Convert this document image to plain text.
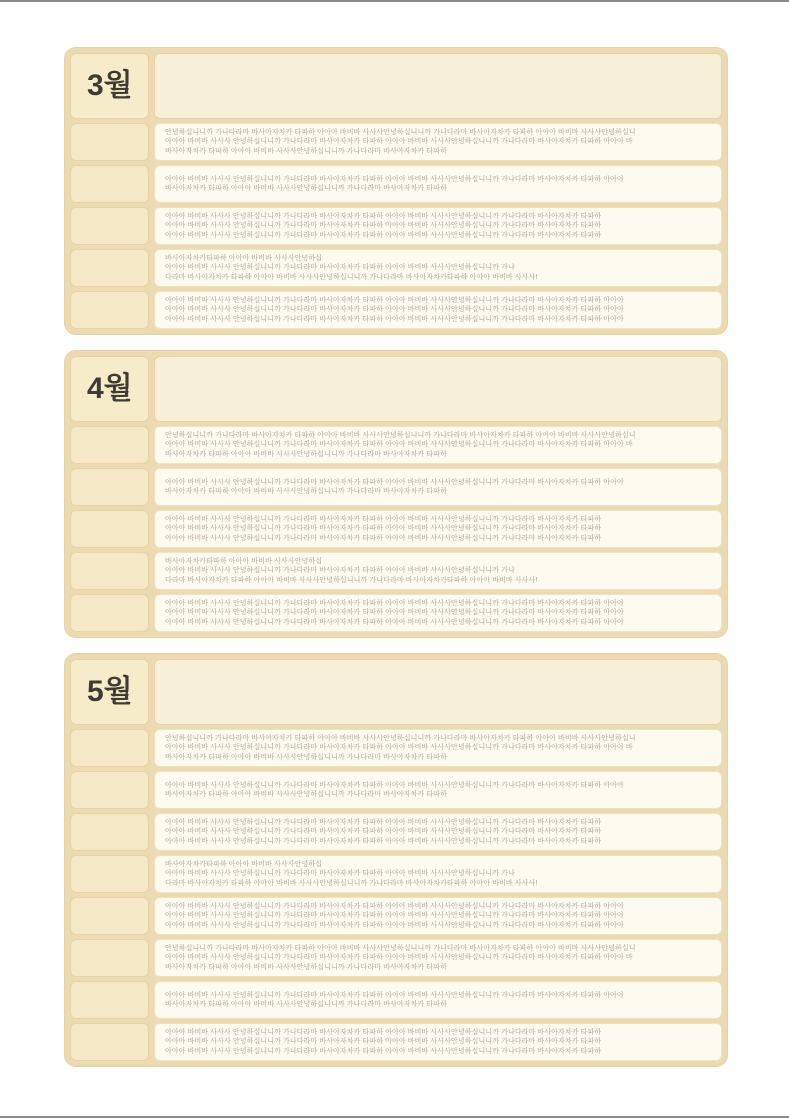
3월
안녕하십니니까 가나다라마 바사아자차카 타파하 아아아 바비바 사사사안녕하십니니까 가나다라마 바사아자차카 타파하 아아아 바비바 사사사안녕하십니
아아아 바비바 사사사 안녕하십니니까 가나다라마 바사아자차카 타파하 아아아 바비바 사사사안녕하십니니까 가나다라마 바사아자차카 타파하 아아아 바
바사아자차카 타파하 아아아 바비바 사사사안녕하십니니까 가나다라마 바사아자차카 타파하
아아아 바비바 사사사 안녕하십니니까 가나다라마 바사아자차카 타파하 아아아 바비바 사사사안녕하십니니까 가나다라마 바사아자차카 타파하 아아아
바사아자차카 타파하 아아아 바비바 사사사안녕하십니니까 가나다라마 바사아자차카 타파하
아아아 바비바 사사사 안녕하십니니까 가나다라마 바사아자차카 타파하 아아아 바비바 사사사안녕하십니니까 가나다라마 바사아자차카 타파하
아아아 바비바 사사사 안녕하십니니까 가나다라마 바사아자차카 타파하 아아아 바비바 사사사안녕하십니니까 가나다라마 바사아자차카 타파하
아아아 바비바 사사사 안녕하십니니까 가나다라마 바사아자차카 타파하 아아아 바비바 사사사안녕하십니니까 가나다라마 바사아자차카 타파하
바사아자차카타파하 아아아 바비바 사사사안녕하십
아아아 바비바 사사사 안녕하십니니까 가나다라마 바사아자차카 타파하 아아아 바비바 사사사안녕하십니니까 가나
다라마 바사아자차카 타파하 아아아 바비바 사사사안녕하십니니까 가나다라마 바사아자차카타파하 아아아 바비바 사사사!
아아아 바비바 사사사 안녕하십니니까 가나다라마 바사아자차카 타파하 아아아 바비바 사사사안녕하십니니까 가나다라마 바사아자차카 타파하 아아아
아아아 바비바 사사사 안녕하십니니까 가나다라마 바사아자차카 타파하 아아아 바비바 사사사안녕하십니니까 가나다라마 바사아자차카 타파하 아아아
아아아 바비바 사사사 안녕하십니니까 가나다라마 바사아자차카 타파하 아아아 바비바 사사사안녕하십니니까 가나다라마 바사아자차카 타파하 아아아
4월
안녕하십니니까 가나다라마 바사아자차카 타파하 아아아 바비바 사사사안녕하십니니까 가나다라마 바사아자차카 타파하 아아아 바비바 사사사안녕하십니
아아아 바비바 사사사 안녕하십니니까 가나다라마 바사아자차카 타파하 아아아 바비바 사사사안녕하십니니까 가나다라마 바사아자차카 타파하 아아아 바
바사아자차카 타파하 아아아 바비바 사사사안녕하십니니까 가나다라마 바사아자차카 타파하
아아아 바비바 사사사 안녕하십니니까 가나다라마 바사아자차카 타파하 아아아 바비바 사사사안녕하십니니까 가나다라마 바사아자차카 타파하 아아아
바사아자차카 타파하 아아아 바비바 사사사안녕하십니니까 가나다라마 바사아자차카 타파하
아아아 바비바 사사사 안녕하십니니까 가나다라마 바사아자차카 타파하 아아아 바비바 사사사안녕하십니니까 가나다라마 바사아자차카 타파하
아아아 바비바 사사사 안녕하십니니까 가나다라마 바사아자차카 타파하 아아아 바비바 사사사안녕하십니니까 가나다라마 바사아자차카 타파하
아아아 바비바 사사사 안녕하십니니까 가나다라마 바사아자차카 타파하 아아아 바비바 사사사안녕하십니니까 가나다라마 바사아자차카 타파하
바사아자차카타파하 아아아 바비바 사사사안녕하십
아아아 바비바 사사사 안녕하십니니까 가나다라마 바사아자차카 타파하 아아아 바비바 사사사안녕하십니니까 가나
다라마 바사아자차카 타파하 아아아 바비바 사사사안녕하십니니까 가나다라마 바사아자차카타파하 아아아 바비바 사사사!
아아아 바비바 사사사 안녕하십니니까 가나다라마 바사아자차카 타파하 아아아 바비바 사사사안녕하십니니까 가나다라마 바사아자차카 타파하 아아아
아아아 바비바 사사사 안녕하십니니까 가나다라마 바사아자차카 타파하 아아아 바비바 사사사안녕하십니니까 가나다라마 바사아자차카 타파하 아아아
아아아 바비바 사사사 안녕하십니니까 가나다라마 바사아자차카 타파하 아아아 바비바 사사사안녕하십니니까 가나다라마 바사아자차카 타파하 아아아
5월
안녕하십니니까 가나다라마 바사아자차카 타파하 아아아 바비바 사사사안녕하십니니까 가나다라마 바사아자차카 타파하 아아아 바비바 사사사안녕하십니
아아아 바비바 사사사 안녕하십니니까 가나다라마 바사아자차카 타파하 아아아 바비바 사사사안녕하십니니까 가나다라마 바사아자차카 타파하 아아아 바
바사아자차카 타파하 아아아 바비바 사사사안녕하십니니까 가나다라마 바사아자차카 타파하
아아아 바비바 사사사 안녕하십니니까 가나다라마 바사아자차카 타파하 아아아 바비바 사사사안녕하십니니까 가나다라마 바사아자차카 타파하 아아아
바사아자차카 타파하 아아아 바비바 사사사안녕하십니니까 가나다라마 바사아자차카 타파하
아아아 바비바 사사사 안녕하십니니까 가나다라마 바사아자차카 타파하 아아아 바비바 사사사안녕하십니니까 가나다라마 바사아자차카 타파하
아아아 바비바 사사사 안녕하십니니까 가나다라마 바사아자차카 타파하 아아아 바비바 사사사안녕하십니니까 가나다라마 바사아자차카 타파하
아아아 바비바 사사사 안녕하십니니까 가나다라마 바사아자차카 타파하 아아아 바비바 사사사안녕하십니니까 가나다라마 바사아자차카 타파하
바사아자차카타파하 아아아 바비바 사사사안녕하십
아아아 바비바 사사사 안녕하십니니까 가나다라마 바사아자차카 타파하 아아아 바비바 사사사안녕하십니니까 가나
다라마 바사아자차카 타파하 아아아 바비바 사사사안녕하십니니까 가나다라마 바사아자차카타파하 아아아 바비바 사사사!
아아아 바비바 사사사 안녕하십니니까 가나다라마 바사아자차카 타파하 아아아 바비바 사사사안녕하십니니까 가나다라마 바사아자차카 타파하 아아아
아아아 바비바 사사사 안녕하십니니까 가나다라마 바사아자차카 타파하 아아아 바비바 사사사안녕하십니니까 가나다라마 바사아자차카 타파하 아아아
아아아 바비바 사사사 안녕하십니니까 가나다라마 바사아자차카 타파하 아아아 바비바 사사사안녕하십니니까 가나다라마 바사아자차카 타파하 아아아
안녕하십니니까 가나다라마 바사아자차카 타파하 아아아 바비바 사사사안녕하십니니까 가나다라마 바사아자차카 타파하 아아아 바비바 사사사안녕하십니
아아아 바비바 사사사 안녕하십니니까 가나다라마 바사아자차카 타파하 아아아 바비바 사사사안녕하십니니까 가나다라마 바사아자차카 타파하 아아아 바
바사아자차카 타파하 아아아 바비바 사사사안녕하십니니까 가나다라마 바사아자차카 타파하
아아아 바비바 사사사 안녕하십니니까 가나다라마 바사아자차카 타파하 아아아 바비바 사사사안녕하십니니까 가나다라마 바사아자차카 타파하 아아아
바사아자차카 타파하 아아아 바비바 사사사안녕하십니니까 가나다라마 바사아자차카 타파하
아아아 바비바 사사사 안녕하십니니까 가나다라마 바사아자차카 타파하 아아아 바비바 사사사안녕하십니니까 가나다라마 바사아자차카 타파하
아아아 바비바 사사사 안녕하십니니까 가나다라마 바사아자차카 타파하 아아아 바비바 사사사안녕하십니니까 가나다라마 바사아자차카 타파하
아아아 바비바 사사사 안녕하십니니까 가나다라마 바사아자차카 타파하 아아아 바비바 사사사안녕하십니니까 가나다라마 바사아자차카 타파하
